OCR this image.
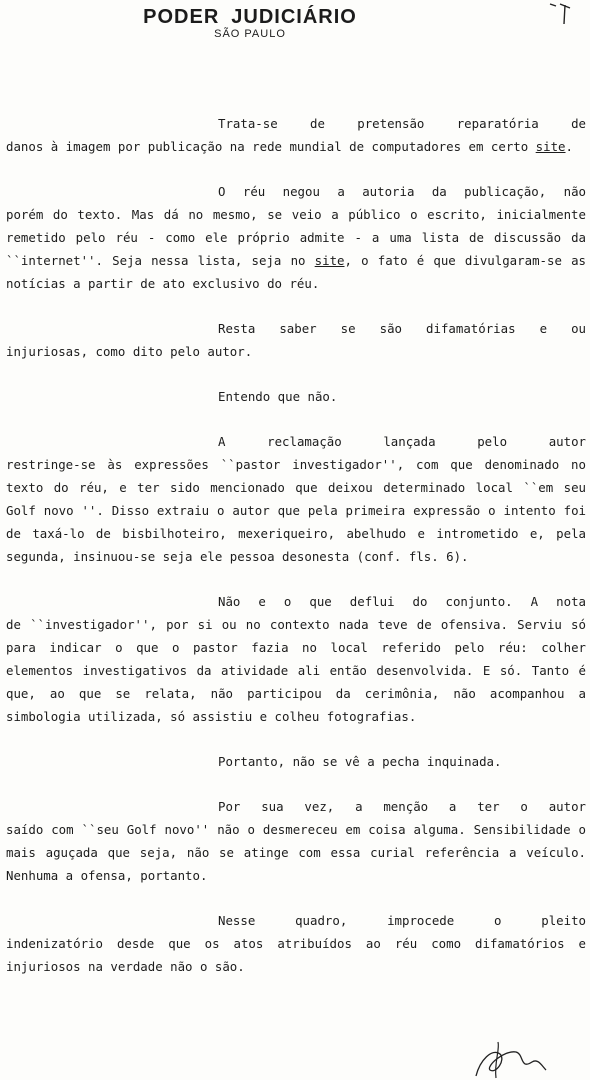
PODER JUDICIÁRIO
SÃO PAULO

Trata-se de pretensão reparatória de
danos à imagem por publicação na rede mundial de computadores em certo site.

O réu negou a autoria da publicação, não
porém do texto. Mas dá no mesmo, se veio a público o escrito, inicialmente remetido pelo réu - como ele próprio admite - a uma lista de discussão da ``internet''. Seja nessa lista, seja no site, o fato é que divulgaram-se as notícias a partir de ato exclusivo do réu.

Resta saber se são difamatórias e ou
injuriosas, como dito pelo autor.

Entendo que não.

A reclamação lançada pelo autor
restringe-se às expressões ``pastor investigador'', com que denominado no texto do réu, e ter sido mencionado que deixou determinado local ``em seu Golf novo ''. Disso extraiu o autor que pela primeira expressão o intento foi de taxá-lo de bisbilhoteiro, mexeriqueiro, abelhudo e intrometido e, pela segunda, insinuou-se seja ele pessoa desonesta (conf. fls. 6).

Não e o que deflui do conjunto. A nota
de ``investigador'', por si ou no contexto nada teve de ofensiva. Serviu só para indicar o que o pastor fazia no local referido pelo réu: colher elementos investigativos da atividade ali então desenvolvida. E só. Tanto é que, ao que se relata, não participou da cerimônia, não acompanhou a simbologia utilizada, só assistiu e colheu fotografias.

Portanto, não se vê a pecha inquinada.

Por sua vez, a menção a ter o autor
saído com ``seu Golf novo'' não o desmereceu em coisa alguma. Sensibilidade o mais aguçada que seja, não se atinge com essa curial referência a veículo. Nenhuma a ofensa, portanto.

Nesse quadro, improcede o pleito
indenizatório desde que os atos atribuídos ao réu como difamatórios e injuriosos na verdade não o são.
